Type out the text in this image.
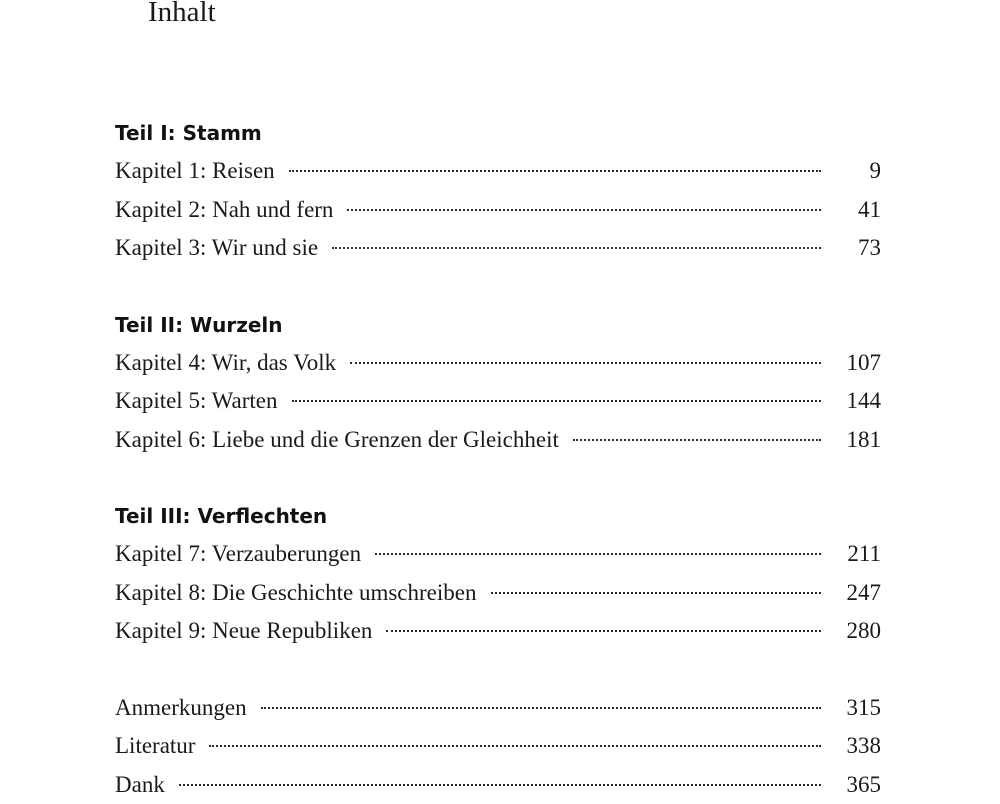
Inhalt
Teil I: Stamm
Kapitel 1: Reisen	9
Kapitel 2: Nah und fern	41
Kapitel 3: Wir und sie	73
Teil II: Wurzeln
Kapitel 4: Wir, das Volk	107
Kapitel 5: Warten	144
Kapitel 6: Liebe und die Grenzen der Gleichheit	181
Teil III: Verflechten
Kapitel 7: Verzauberungen	211
Kapitel 8: Die Geschichte umschreiben	247
Kapitel 9: Neue Republiken	280
Anmerkungen	315
Literatur	338
Dank	365
